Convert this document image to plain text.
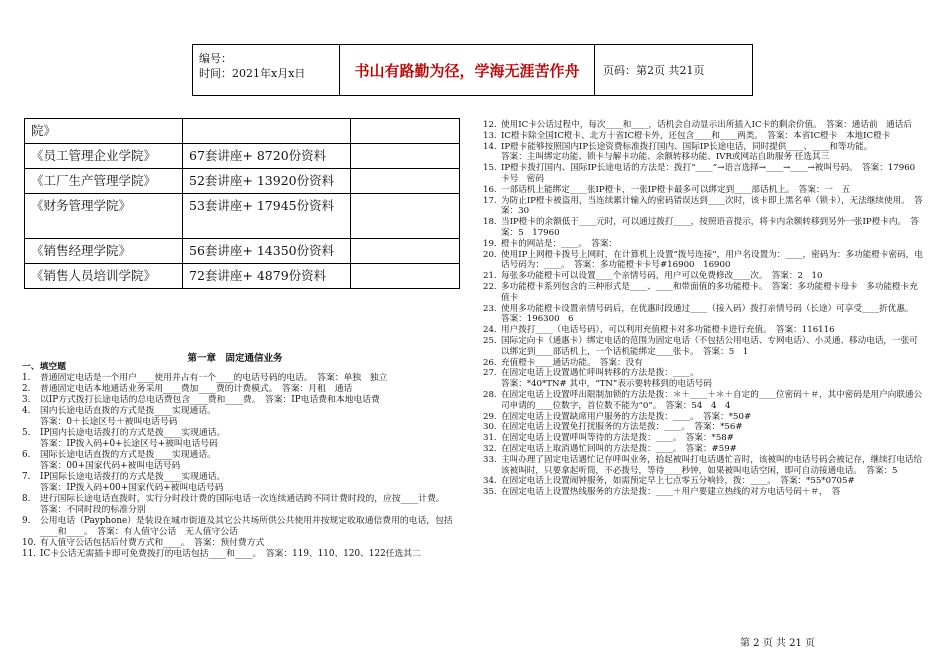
编号：
时间：2021年x月x日	书山有路勤为径，学海无涯苦作舟	页码：第2页 共21页
院》		
《员工管理企业学院》	67套讲座+ 8720份资料	
《工厂生产管理学院》	52套讲座+ 13920份资料	
《财务管理学院》	53套讲座+ 17945份资料	
《销售经理学院》	56套讲座+ 14350份资料	
《销售人员培训学院》	72套讲座+ 4879份资料	
第一章　固定通信业务
一、填空题
1.	普通固定电话是一个用户____使用并占有一个____的电话号码的电话。　答案：单独　独立
2.	普通固定电话本地通话业务采用____费加____费的计费模式。　答案：月租　通话
3.	以IP方式拨打长途电话的总电话费包含____费和____费。　答案：IP电话费和本地电话费
4.	国内长途电话直拨的方式是拨____实现通话。
答案：0＋长途区号＋被叫电话号码
5.	IP国内长途电话拨打的方式是拨____实现通话。
答案：IP拨入码+0+长途区号+被叫电话号码
6.	国际长途电话直拨的方式是拨____实现通话。
答案：00+国家代码+被叫电话号码
7.	IP国际长途电话拨打的方式是拨____实现通话。
答案：IP拨入码+00+国家代码+被叫电话号码
8.	进行国际长途电话直拨时，实行分时段计费的国际电话一次连续通话跨不同计费时段的，应按____计费。
答案：不同时段的标准分别
9.	公用电话（Payphone）是装设在城市街道及其它公共场所供公共使用并按规定收取通信费用的电话，包括____和____。　答案：有人值守公话　无人值守公话
10. 有人值守公话包括后付费方式和____。　答案：预付费方式
11. IC卡公话无需插卡即可免费拨打的电话包括____和____。　答案：119、110、120、122任选其二
12. 使用IC卡公话过程中，每次____和____，话机会自动显示出所插入IC卡的剩余价值。　答案：通话前　通话后
13. IC橙卡除全国IC橙卡、北方十省IC橙卡外，还包含____和____两类。　答案：本省IC橙卡　本地IC橙卡
14. IP橙卡能够按照国内IP长途资费标准拨打国内、国际IP长途电话，同时提供____、____和等功能。
答案：主叫绑定功能、锁卡与解卡功能、余额转移功能、IVR或网站自助服务 任选其三
15. IP橙卡拨打国内、国际IP长途电话的方法是：拨打“____”→语言选择→____→____→被叫号码。　答案：17960　卡号　密码
16. 一部话机上能绑定____张IP橙卡，一张IP橙卡最多可以绑定到____部话机上。　答案：一　五
17. 为防止IP橙卡被盗用，当连续累计输入的密码错误达到____次时，该卡即上黑名单（锁卡），无法继续使用。　答案：30
18. 当IP橙卡的余额低于____元时，可以通过拨打____，按照语音提示，将卡内余额转移到另外一张IP橙卡内。　答案：5　17960
19. 橙卡的网站是：____。　答案：
20. 使用IP上网橙卡拨号上网时，在计算机上设置“拨号连接”，用户名设置为：____，密码为：多功能橙卡密码，电话号码为：____。　答案：多功能橙卡卡号#16900　16900
21. 每张多功能橙卡可以设置____个亲情号码，用户可以免费修改____次。　答案：2　10
22. 多功能橙卡系列包含的三种形式是____、____和带面值的多功能橙卡。　答案：多功能橙卡母卡　多功能橙卡充值卡
23. 使用多功能橙卡设置亲情号码后，在优惠时段通过____（接入码）拨打亲情号码（长途）可享受____折优惠。　答案：196300　6
24. 用户拨打____（电话号码），可以利用充值橙卡对多功能橙卡进行充值。　答案：116116
25. 国际定向卡（通惠卡）绑定电话的范围为固定电话（不包括公用电话、专网电话）、小灵通、移动电话，一张可以绑定到____部话机上，一个话机能绑定____张卡。　答案：5　1
26. 充值橙卡____通话功能。　答案：没有
27. 在固定电话上设置遇忙呼叫转移的方法是拨：____。
答案：*40*TN# 其中，“TN”表示要转移到的电话号码
28. 在固定电话上设置呼出限制加锁的方法是拨：＊＋____＋＊＋自定的____位密码＋＃，其中密码是用户向联通公司申请的____位数字，首位数不能为“0”。　答案：54　4　4
29. 在固定电话上设置缺席用户服务的方法是拨：____。　答案：*50#
30. 在固定电话上设置免打扰服务的方法是拨：____。　答案：*56#
31. 在固定电话上设置呼叫等待的方法是拨：____。　答案：*58#
32. 在固定电话上取消遇忙回叫的方法是拨：____。　答案：#59#
33. 主叫办理了固定电话遇忙记存呼叫业务，拾起被叫打电话遇忙音时，该被叫的电话号码会被记存，继续打电话给该被叫时，只要拿起听筒，不必拨号，等待____秒钟，如果被叫电话空闲，即可自动接通电话。　答案：5
34. 在固定电话上设置闹钟服务，如需预定早上七点零五分响铃，拨：____。　答案：*55*0705#
35. 在固定电话上设置热线服务的方法是拨：____＋用户要建立热线的对方电话号码＋＃，　答
第 2 页 共 21 页
